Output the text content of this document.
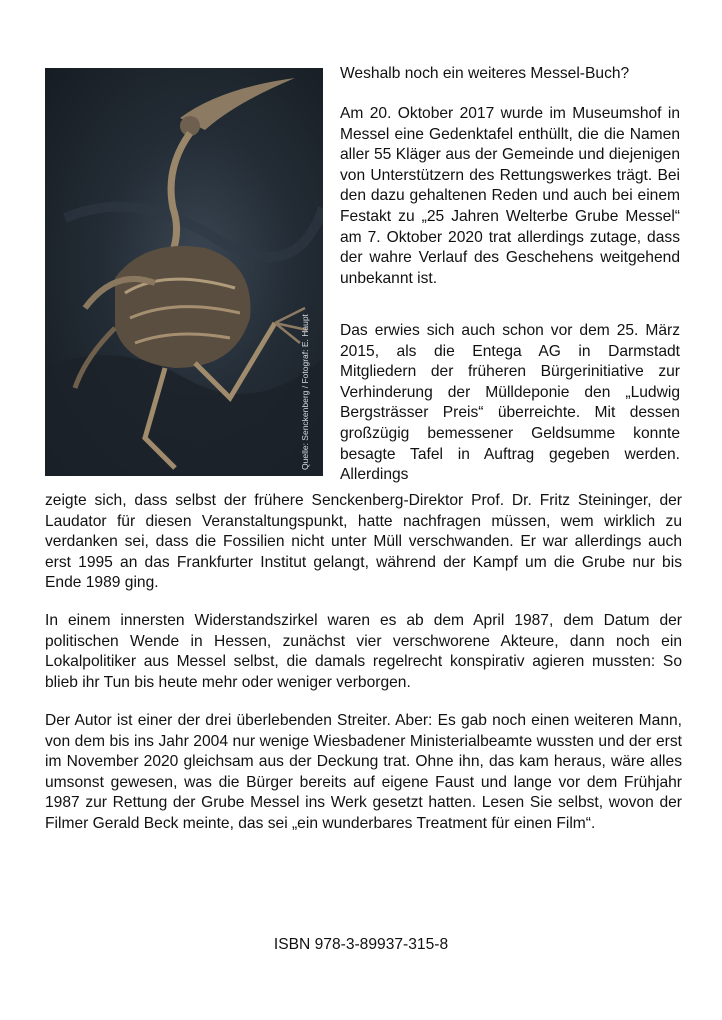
Quelle: Senckenberg / Fotograf: E. Haupt
Weshalb noch ein weiteres Messel-Buch?
Am 20. Oktober 2017 wurde im Museumshof in Messel eine Gedenktafel enthüllt, die die Namen aller 55 Kläger aus der Gemeinde und diejenigen von Unterstützern des Rettungswerkes trägt. Bei den dazu gehaltenen Reden und auch bei einem Festakt zu „25 Jahren Welterbe Grube Messel“ am 7. Oktober 2020 trat allerdings zutage, dass der wahre Verlauf des Geschehens weitgehend unbekannt ist.
Das erwies sich auch schon vor dem 25. März 2015, als die Entega AG in Darmstadt Mitgliedern der früheren Bürgerinitiative zur Verhinderung der Mülldeponie den „Ludwig Bergsträsser Preis“ überreichte. Mit dessen großzügig bemessener Geldsumme konnte besagte Tafel in Auftrag gegeben werden. Allerdings
zeigte sich, dass selbst der frühere Senckenberg-Direktor Prof. Dr. Fritz Steininger, der Laudator für diesen Veranstaltungspunkt, hatte nachfragen müssen, wem wirklich zu verdanken sei, dass die Fossilien nicht unter Müll verschwanden. Er war allerdings auch erst 1995 an das Frankfurter Institut gelangt, während der Kampf um die Grube nur bis Ende 1989 ging.
In einem innersten Widerstandszirkel waren es ab dem April 1987, dem Datum der politischen Wende in Hessen, zunächst vier verschworene Akteure, dann noch ein Lokalpolitiker aus Messel selbst, die damals regelrecht konspirativ agieren mussten: So blieb ihr Tun bis heute mehr oder weniger verborgen.
Der Autor ist einer der drei überlebenden Streiter. Aber: Es gab noch einen weiteren Mann, von dem bis ins Jahr 2004 nur wenige Wiesbadener Ministerialbeamte wussten und der erst im November 2020 gleichsam aus der Deckung trat. Ohne ihn, das kam heraus, wäre alles umsonst gewesen, was die Bürger bereits auf eigene Faust und lange vor dem Frühjahr 1987 zur Rettung der Grube Messel ins Werk gesetzt hatten. Lesen Sie selbst, wovon der Filmer Gerald Beck meinte, das sei „ein wunderbares Treatment für einen Film“.
ISBN 978-3-89937-315-8
